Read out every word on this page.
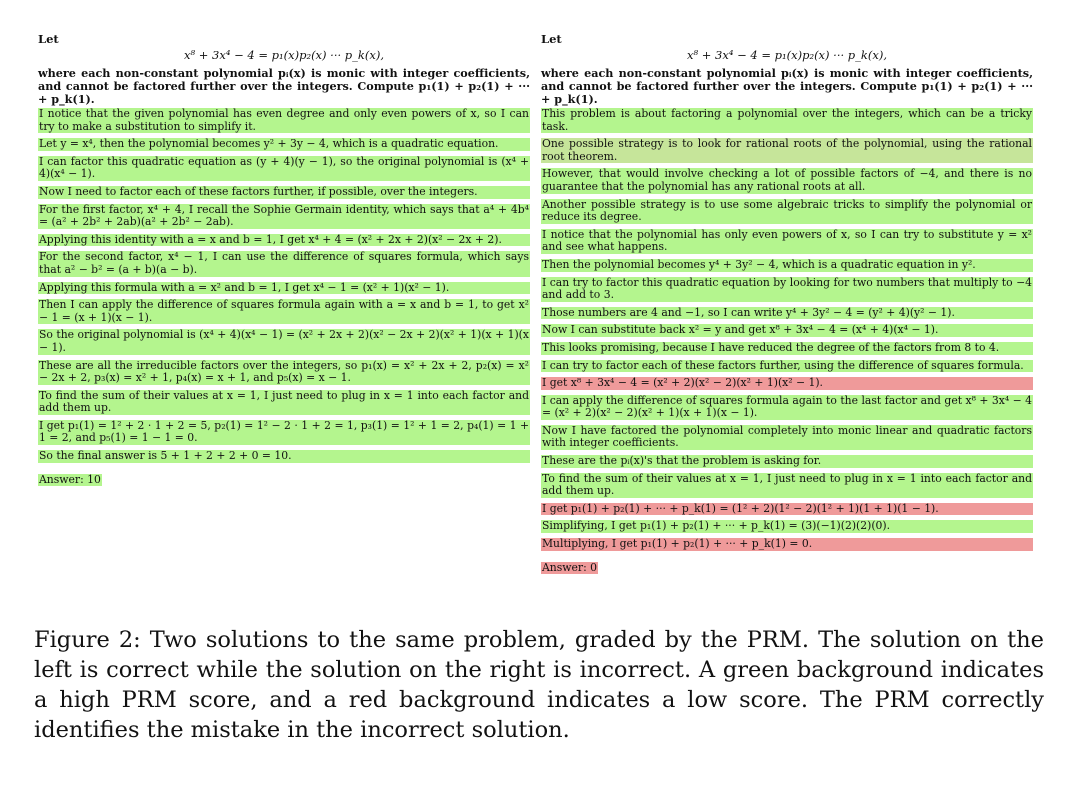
Let
x⁸ + 3x⁴ − 4 = p₁(x)p₂(x) ··· p_k(x),
where each non-constant polynomial pᵢ(x) is monic with integer coefficients, and cannot be factored further over the integers. Compute p₁(1) + p₂(1) + ··· + p_k(1).
I notice that the given polynomial has even degree and only even powers of x, so I can try to make a substitution to simplify it.
Let y = x⁴, then the polynomial becomes y² + 3y − 4, which is a quadratic equation.
I can factor this quadratic equation as (y + 4)(y − 1), so the original polynomial is (x⁴ + 4)(x⁴ − 1).
Now I need to factor each of these factors further, if possible, over the integers.
For the first factor, x⁴ + 4, I recall the Sophie Germain identity, which says that a⁴ + 4b⁴ = (a² + 2b² + 2ab)(a² + 2b² − 2ab).
Applying this identity with a = x and b = 1, I get x⁴ + 4 = (x² + 2x + 2)(x² − 2x + 2).
For the second factor, x⁴ − 1, I can use the difference of squares formula, which says that a² − b² = (a + b)(a − b).
Applying this formula with a = x² and b = 1, I get x⁴ − 1 = (x² + 1)(x² − 1).
Then I can apply the difference of squares formula again with a = x and b = 1, to get x² − 1 = (x + 1)(x − 1).
So the original polynomial is (x⁴ + 4)(x⁴ − 1) = (x² + 2x + 2)(x² − 2x + 2)(x² + 1)(x + 1)(x − 1).
These are all the irreducible factors over the integers, so p₁(x) = x² + 2x + 2, p₂(x) = x² − 2x + 2, p₃(x) = x² + 1, p₄(x) = x + 1, and p₅(x) = x − 1.
To find the sum of their values at x = 1, I just need to plug in x = 1 into each factor and add them up.
I get p₁(1) = 1² + 2 · 1 + 2 = 5, p₂(1) = 1² − 2 · 1 + 2 = 1, p₃(1) = 1² + 1 = 2, p₄(1) = 1 + 1 = 2, and p₅(1) = 1 − 1 = 0.
So the final answer is 5 + 1 + 2 + 2 + 0 = 10.
Answer: 10
Let
x⁸ + 3x⁴ − 4 = p₁(x)p₂(x) ··· p_k(x),
where each non-constant polynomial pᵢ(x) is monic with integer coefficients, and cannot be factored further over the integers. Compute p₁(1) + p₂(1) + ··· + p_k(1).
This problem is about factoring a polynomial over the integers, which can be a tricky task.
One possible strategy is to look for rational roots of the polynomial, using the rational root theorem.
However, that would involve checking a lot of possible factors of −4, and there is no guarantee that the polynomial has any rational roots at all.
Another possible strategy is to use some algebraic tricks to simplify the polynomial or reduce its degree.
I notice that the polynomial has only even powers of x, so I can try to substitute y = x² and see what happens.
Then the polynomial becomes y⁴ + 3y² − 4, which is a quadratic equation in y².
I can try to factor this quadratic equation by looking for two numbers that multiply to −4 and add to 3.
Those numbers are 4 and −1, so I can write y⁴ + 3y² − 4 = (y² + 4)(y² − 1).
Now I can substitute back x² = y and get x⁸ + 3x⁴ − 4 = (x⁴ + 4)(x⁴ − 1).
This looks promising, because I have reduced the degree of the factors from 8 to 4.
I can try to factor each of these factors further, using the difference of squares formula.
I get x⁸ + 3x⁴ − 4 = (x² + 2)(x² − 2)(x² + 1)(x² − 1).
I can apply the difference of squares formula again to the last factor and get x⁸ + 3x⁴ − 4 = (x² + 2)(x² − 2)(x² + 1)(x + 1)(x − 1).
Now I have factored the polynomial completely into monic linear and quadratic factors with integer coefficients.
These are the pᵢ(x)'s that the problem is asking for.
To find the sum of their values at x = 1, I just need to plug in x = 1 into each factor and add them up.
I get p₁(1) + p₂(1) + ··· + p_k(1) = (1² + 2)(1² − 2)(1² + 1)(1 + 1)(1 − 1).
Simplifying, I get p₁(1) + p₂(1) + ··· + p_k(1) = (3)(−1)(2)(2)(0).
Multiplying, I get p₁(1) + p₂(1) + ··· + p_k(1) = 0.
Answer: 0
Figure 2: Two solutions to the same problem, graded by the PRM. The solution on the left is correct while the solution on the right is incorrect. A green background indicates a high PRM score, and a red background indicates a low score. The PRM correctly identifies the mistake in the incorrect solution.
